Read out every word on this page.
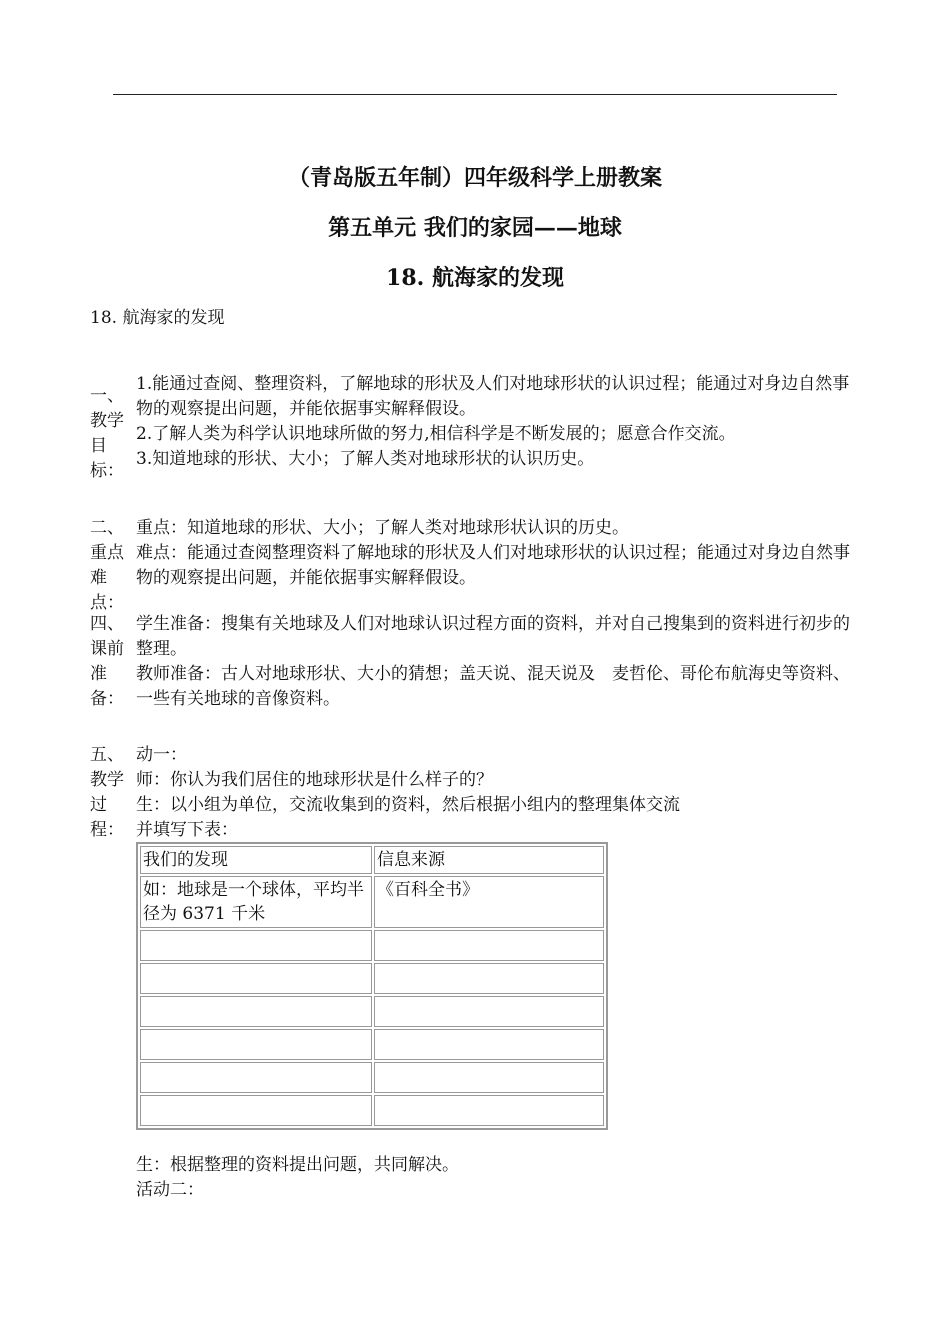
（青岛版五年制）四年级科学上册教案
第五单元 我们的家园——地球
18. 航海家的发现
18. 航海家的发现
一、教学目标：

1.能通过查阅、整理资料，了解地球的形状及人们对地球形状的认识过程；能通过对身边自然事物的观察提出问题，并能依据事实解释假设。

2.了解人类为科学认识地球所做的努力,相信科学是不断发展的；愿意合作交流。

3.知道地球的形状、大小；了解人类对地球形状的认识历史。

二、重点难点：

重点：知道地球的形状、大小；了解人类对地球形状认识的历史。

难点：能通过查阅整理资料了解地球的形状及人们对地球形状的认识过程；能通过对身边自然事物的观察提出问题，并能依据事实解释假设。

四、课前准备：

学生准备：搜集有关地球及人们对地球认识过程方面的资料，并对自己搜集到的资料进行初步的整理。

教师准备：古人对地球形状、大小的猜想；盖天说、混天说及　麦哲伦、哥伦布航海史等资料、一些有关地球的音像资料。

五、教学过程：

动一：

师：你认为我们居住的地球形状是什么样子的？

生：以小组为单位，交流收集到的资料，然后根据小组内的整理集体交流

并填写下表：

我们的发现	信息来源
如：地球是一个球体，平均半径为 6371 千米	《百科全书》

生：根据整理的资料提出问题，共同解决。
活动二：
